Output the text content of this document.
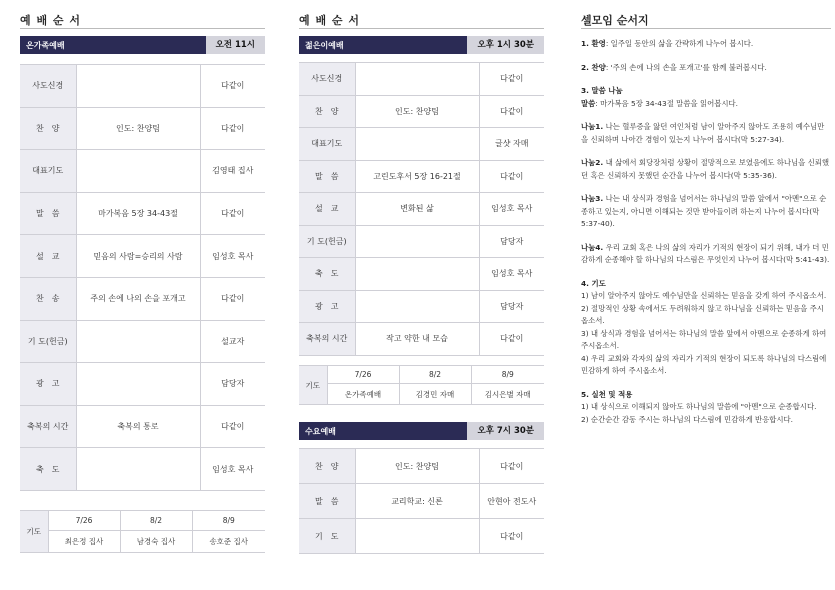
예 배 순 서
온가족예배	오전 11시
사도신경		다같이
찬　양	인도: 찬양팀	다같이
대표기도		김영태 집사
말　씀	마가복음 5장 34-43절	다같이
설　교	믿음의 사람=승리의 사람	임성호 목사
찬　송	주의 손에 나의 손을 포개고	다같이
기 도(헌금)		설교자
광　고		담당자
축복의 시간	축복의 통로	다같이
축　도		임성호 목사
기도	7/26	8/2	8/9
	최은정 집사	남경숙 집사	송호준 집사
예 배 순 서
젊은이예배	오후 1시 30분
사도신경		다같이
찬　양	인도: 찬양팀	다같이
대표기도		글샷 자매
말　씀	고린도후서 5장 16-21절	다같이
설　교	변화된 삶	임성호 목사
기 도(헌금)		담당자
축　도		임성호 목사
광　고		담당자
축복의 시간	작고 약한 내 모습	다같이
기도	7/26	8/2	8/9
	온가족예배	김경민 자매	김시은별 자매
수요예배	오후 7시 30분
찬　양	인도: 찬양팀	다같이
말　씀	교리학교: 신론	안현아 전도사
기　도		다같이
셀모임 순서지

1. 환영: 일주일 동안의 삶을 간략하게 나누어 봅시다.

2. 찬양: '주의 손에 나의 손을 포개고'를 함께 불러봅시다.

3. 말씀 나눔
말씀: 마가복음 5장 34-43절 말씀을 읽어봅시다.

나눔1. 나는 혈루증을 앓던 여인처럼 남이 알아주지 않아도 조용히 예수님만을 신뢰하며 나아간 경험이 있는지 나누어 봅시다(막 5:27-34).

나눔2. 내 삶에서 회당장처럼 상황이 절망적으로 보였음에도 하나님을 신뢰했던 혹은 신뢰하지 못했던 순간을 나누어 봅시다(막 5:35-36).

나눔3. 나는 내 상식과 경험을 넘어서는 하나님의 말씀 앞에서 "아멘"으로 순종하고 있는지, 아니면 이해되는 것만 받아들이려 하는지 나누어 봅시다(막 5:37-40).

나눔4. 우리 교회 혹은 나의 삶의 자리가 기적의 현장이 되기 위해, 내가 더 민감하게 순종해야 할 하나님의 다스림은 무엇인지 나누어 봅시다(막 5:41-43).

4. 기도
1) 남이 알아주지 않아도 예수님만을 신뢰하는 믿음을 갖게 하여 주시옵소서.
2) 절망적인 상황 속에서도 두려워하지 않고 하나님을 신뢰하는 믿음을 주시옵소서.
3) 내 상식과 경험을 넘어서는 하나님의 말씀 앞에서 아멘으로 순종하게 하여 주시옵소서.
4) 우리 교회와 각자의 삶의 자리가 기적의 현장이 되도록 하나님의 다스림에 민감하게 하여 주시옵소서.

5. 실천 및 적용
1) 내 상식으로 이해되지 않아도 하나님의 말씀에 "아멘"으로 순종합시다.
2) 순간순간 감동 주시는 하나님의 다스림에 민감하게 반응합시다.
